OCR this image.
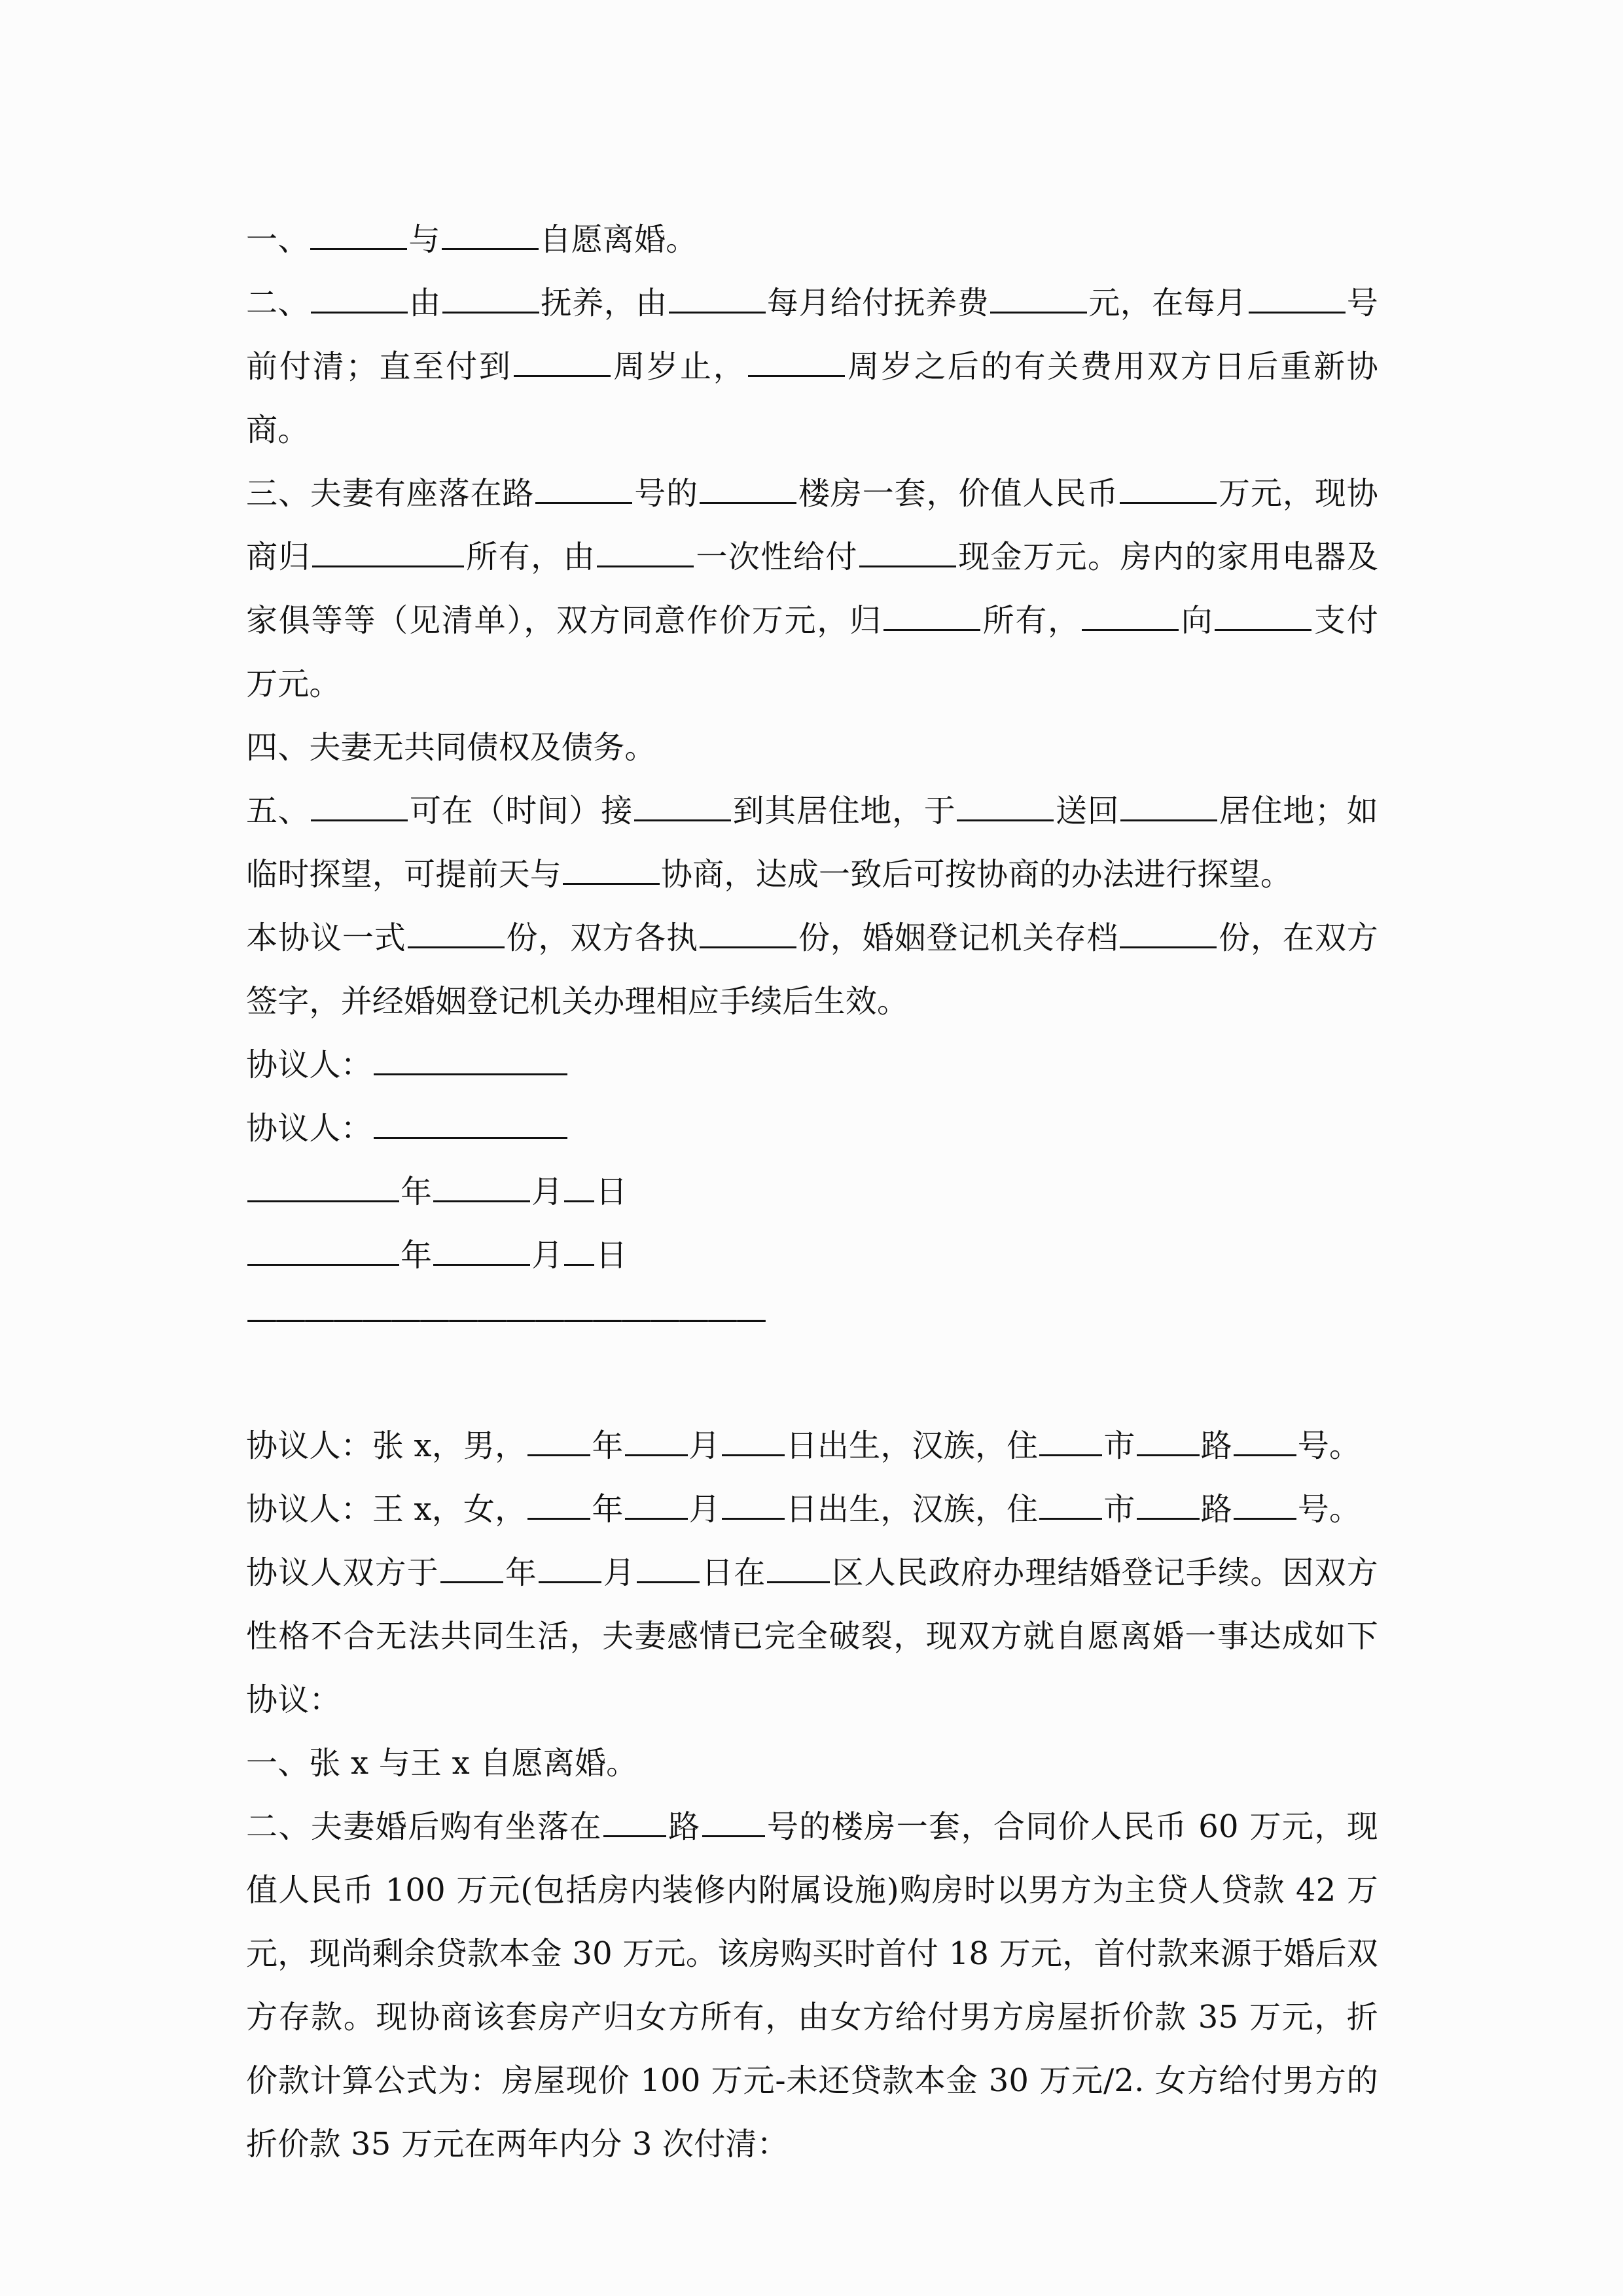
一、	与	自愿离婚。

二、	由	抚养，由	每月给付抚养费	元，在每月	号前付清；直至付到	周岁止，	周岁之后的有关费用双方日后重新协商。

三、夫妻有座落在路	号的	楼房一套，价值人民币	万元，现协商归	所有，由	一次性给付	现金万元。房内的家用电器及家俱等等（见清单），双方同意作价万元，归	所有，	向	支付万元。

四、夫妻无共同债权及债务。

五、	可在（时间）接	到其居住地，于	送回	居住地；如临时探望，可提前天与	协商，达成一致后可按协商的办法进行探望。

本协议一式	份，双方各执	份，婚姻登记机关存档	份，在双方签字，并经婚姻登记机关办理相应手续后生效。

协议人：

协议人：

年	月 日

年	月 日

——————————————————

协议人：张 x，男， 年 月 日出生，汉族，住 市 路 号。

协议人：王 x，女， 年 月 日出生，汉族，住 市 路 号。

协议人双方于 年 月 日在 区人民政府办理结婚登记手续。因双方性格不合无法共同生活，夫妻感情已完全破裂，现双方就自愿离婚一事达成如下协议：

一、张 x 与王 x 自愿离婚。

二、夫妻婚后购有坐落在 路 号的楼房一套，合同价人民币 60 万元，现值人民币 100 万元(包括房内装修内附属设施)购房时以男方为主贷人贷款 42 万元，现尚剩余贷款本金 30 万元。该房购买时首付 18 万元，首付款来源于婚后双方存款。现协商该套房产归女方所有，由女方给付男方房屋折价款 35 万元，折价款计算公式为：房屋现价 100 万元-未还贷款本金 30 万元/2. 女方给付男方的折价款 35 万元在两年内分 3 次付清：
